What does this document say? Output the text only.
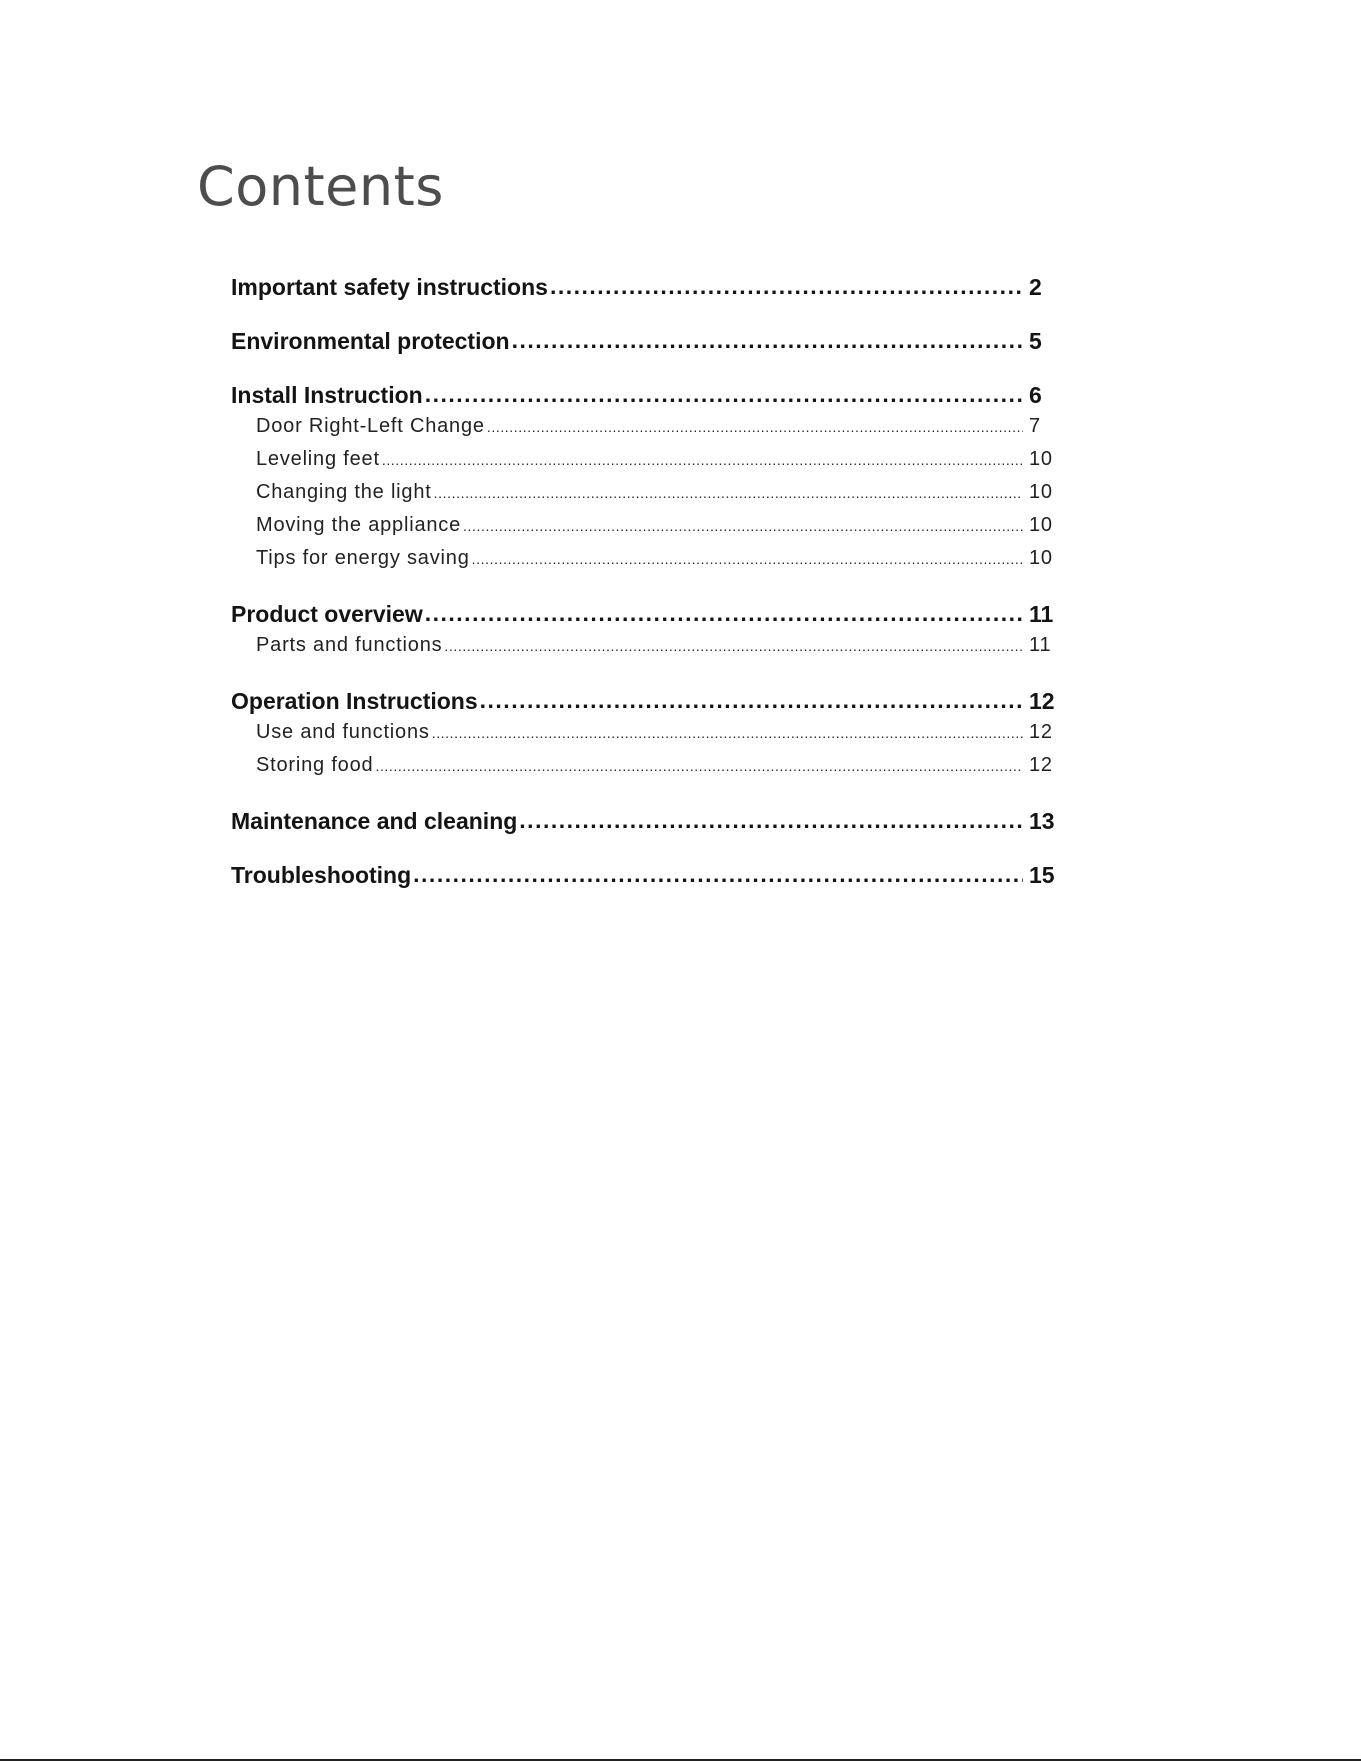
Contents
Important safety instructions .....	2
Environmental protection .....	5
Install Instruction .....	6
Door Right-Left Change .....	7
Leveling feet .....	10
Changing the light .....	10
Moving the appliance .....	10
Tips for energy saving .....	10
Product overview .....	11
Parts and functions .....	11
Operation Instructions .....	12
Use and functions .....	12
Storing food .....	12
Maintenance and cleaning .....	13
Troubleshooting .....	15
